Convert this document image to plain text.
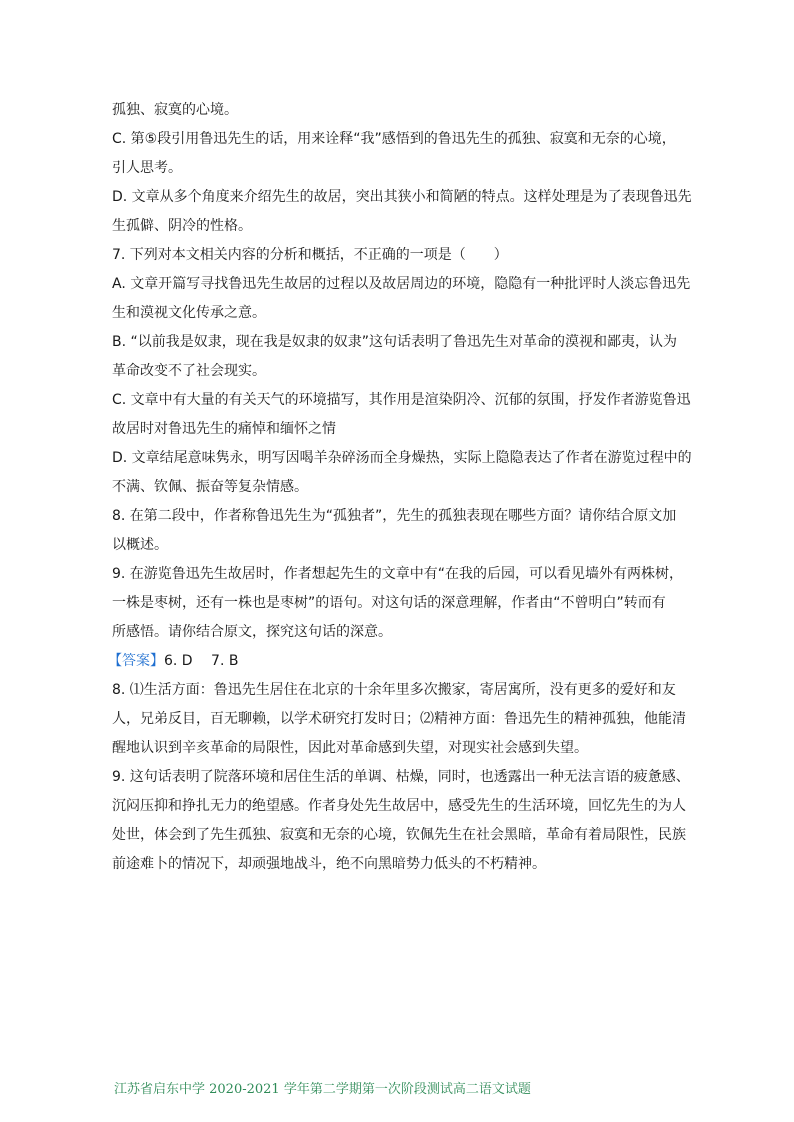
孤独、寂寞的心境。

C. 第⑤段引用鲁迅先生的话，用来诠释“我”感悟到的鲁迅先生的孤独、寂寞和无奈的心境，

引人思考。

D. 文章从多个角度来介绍先生的故居，突出其狭小和简陋的特点。这样处理是为了表现鲁迅先

生孤僻、阴冷的性格。

7. 下列对本文相关内容的分析和概括，不正确的一项是（　　）

A. 文章开篇写寻找鲁迅先生故居的过程以及故居周边的环境，隐隐有一种批评时人淡忘鲁迅先

生和漠视文化传承之意。

B. “以前我是奴隶，现在我是奴隶的奴隶”这句话表明了鲁迅先生对革命的漠视和鄙夷，认为

革命改变不了社会现实。

C. 文章中有大量的有关天气的环境描写，其作用是渲染阴冷、沉郁的氛围，抒发作者游览鲁迅

故居时对鲁迅先生的痛悼和缅怀之情

D. 文章结尾意味隽永，明写因喝羊杂碎汤而全身燥热，实际上隐隐表达了作者在游览过程中的

不满、钦佩、振奋等复杂情感。

8. 在第二段中，作者称鲁迅先生为“孤独者”，先生的孤独表现在哪些方面？请你结合原文加

以概述。

9. 在游览鲁迅先生故居时，作者想起先生的文章中有“在我的后园，可以看见墙外有两株树，

一株是枣树，还有一株也是枣树”的语句。对这句话的深意理解，作者由“不曾明白”转而有

所感悟。请你结合原文，探究这句话的深意。

【答案】6. D　 7. B

8. ⑴生活方面：鲁迅先生居住在北京的十余年里多次搬家，寄居寓所，没有更多的爱好和友

人，兄弟反目，百无聊赖，以学术研究打发时日；⑵精神方面：鲁迅先生的精神孤独，他能清

醒地认识到辛亥革命的局限性，因此对革命感到失望，对现实社会感到失望。

9. 这句话表明了院落环境和居住生活的单调、枯燥，同时，也透露出一种无法言语的疲惫感、

沉闷压抑和挣扎无力的绝望感。作者身处先生故居中，感受先生的生活环境，回忆先生的为人

处世，体会到了先生孤独、寂寞和无奈的心境，钦佩先生在社会黑暗，革命有着局限性，民族

前途难卜的情况下，却顽强地战斗，绝不向黑暗势力低头的不朽精神。

江苏省启东中学 2020-2021 学年第二学期第一次阶段测试高二语文试题
